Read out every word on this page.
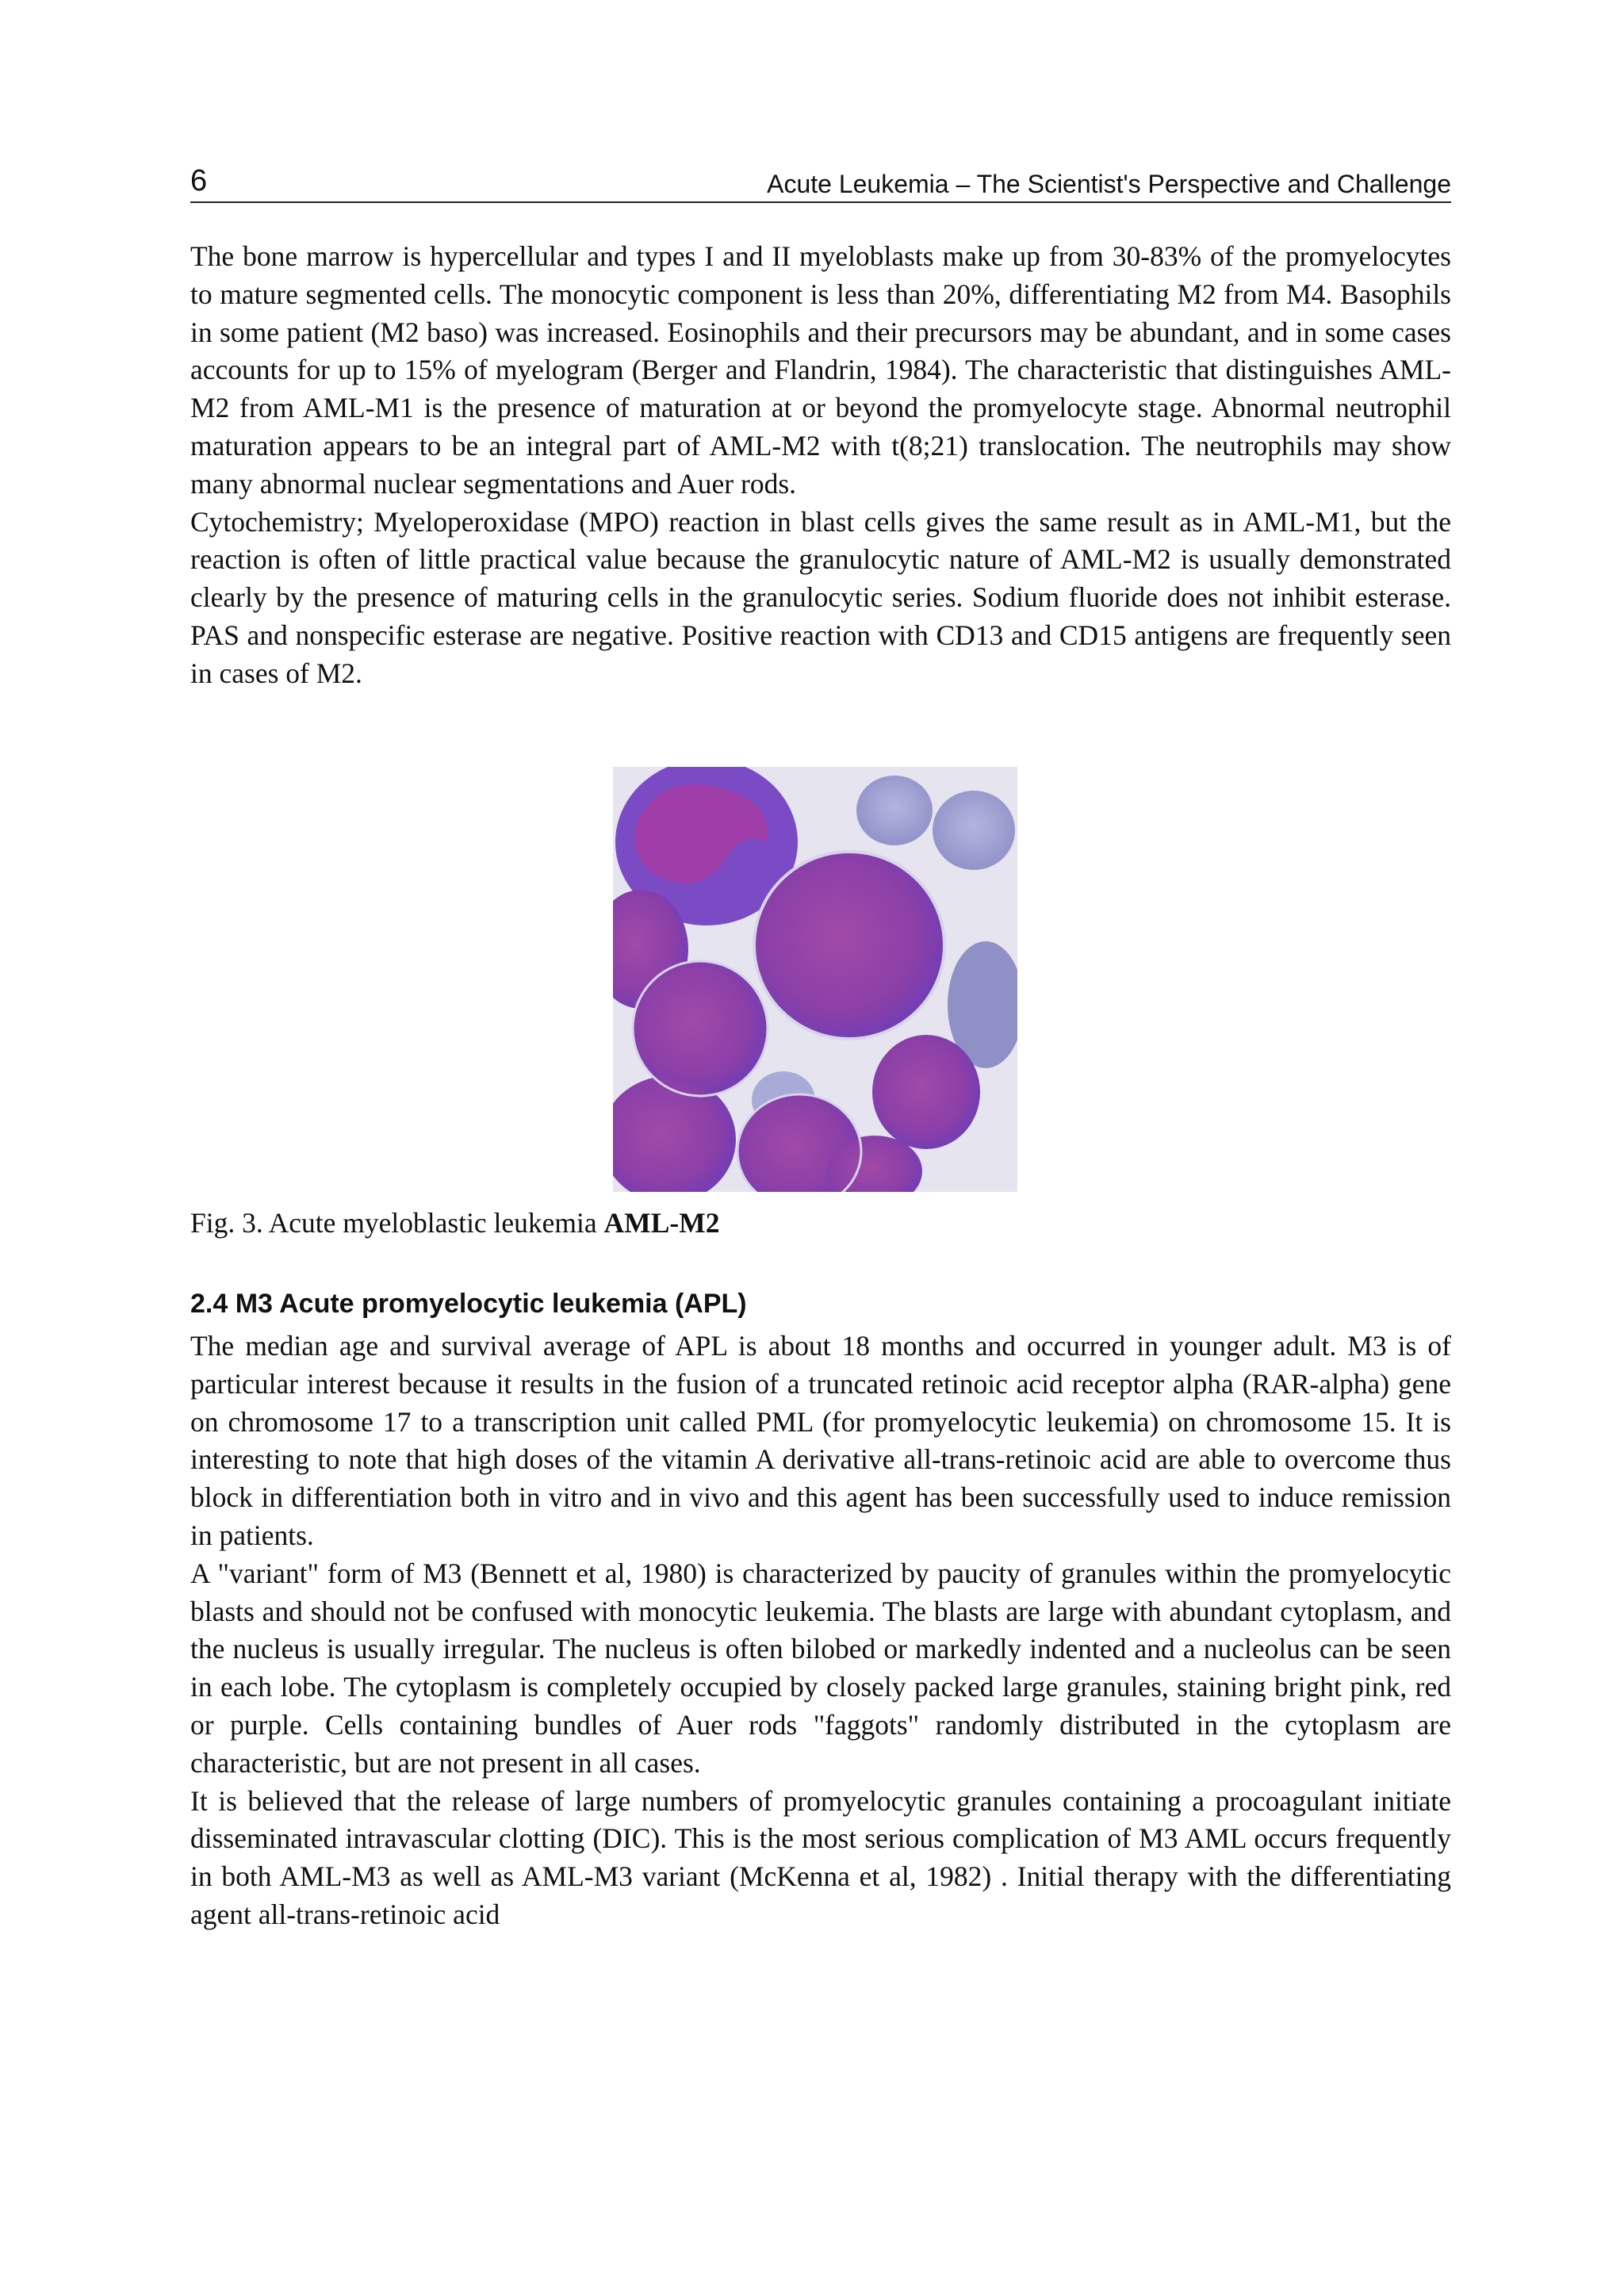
6	Acute Leukemia – The Scientist's Perspective and Challenge

The bone marrow is hypercellular and types I and II myeloblasts make up from 30-83% of the promyelocytes to mature segmented cells. The monocytic component is less than 20%, differentiating M2 from M4. Basophils in some patient (M2 baso) was increased. Eosinophils and their precursors may be abundant, and in some cases accounts for up to 15% of myelogram (Berger and Flandrin, 1984). The characteristic that distinguishes AML-M2 from AML-M1 is the presence of maturation at or beyond the promyelocyte stage. Abnormal neutrophil maturation appears to be an integral part of AML-M2 with t(8;21) translocation. The neutrophils may show many abnormal nuclear segmentations and Auer rods.

Cytochemistry; Myeloperoxidase (MPO) reaction in blast cells gives the same result as in AML-M1, but the reaction is often of little practical value because the granulocytic nature of AML-M2 is usually demonstrated clearly by the presence of maturing cells in the granulocytic series. Sodium fluoride does not inhibit esterase. PAS and nonspecific esterase are negative. Positive reaction with CD13 and CD15 antigens are frequently seen in cases of M2.

Fig. 3. Acute myeloblastic leukemia AML-M2
2.4 M3 Acute promyelocytic leukemia (APL)

The median age and survival average of APL is about 18 months and occurred in younger adult. M3 is of particular interest because it results in the fusion of a truncated retinoic acid receptor alpha (RAR-alpha) gene on chromosome 17 to a transcription unit called PML (for promyelocytic leukemia) on chromosome 15. It is interesting to note that high doses of the vitamin A derivative all-trans-retinoic acid are able to overcome thus block in differentiation both in vitro and in vivo and this agent has been successfully used to induce remission in patients.

A "variant" form of M3 (Bennett et al, 1980) is characterized by paucity of granules within the promyelocytic blasts and should not be confused with monocytic leukemia. The blasts are large with abundant cytoplasm, and the nucleus is usually irregular. The nucleus is often bilobed or markedly indented and a nucleolus can be seen in each lobe. The cytoplasm is completely occupied by closely packed large granules, staining bright pink, red or purple. Cells containing bundles of Auer rods "faggots" randomly distributed in the cytoplasm are characteristic, but are not present in all cases.

It is believed that the release of large numbers of promyelocytic granules containing a procoagulant initiate disseminated intravascular clotting (DIC). This is the most serious complication of M3 AML occurs frequently in both AML-M3 as well as AML-M3 variant (McKenna et al, 1982) . Initial therapy with the differentiating agent all-trans-retinoic acid
